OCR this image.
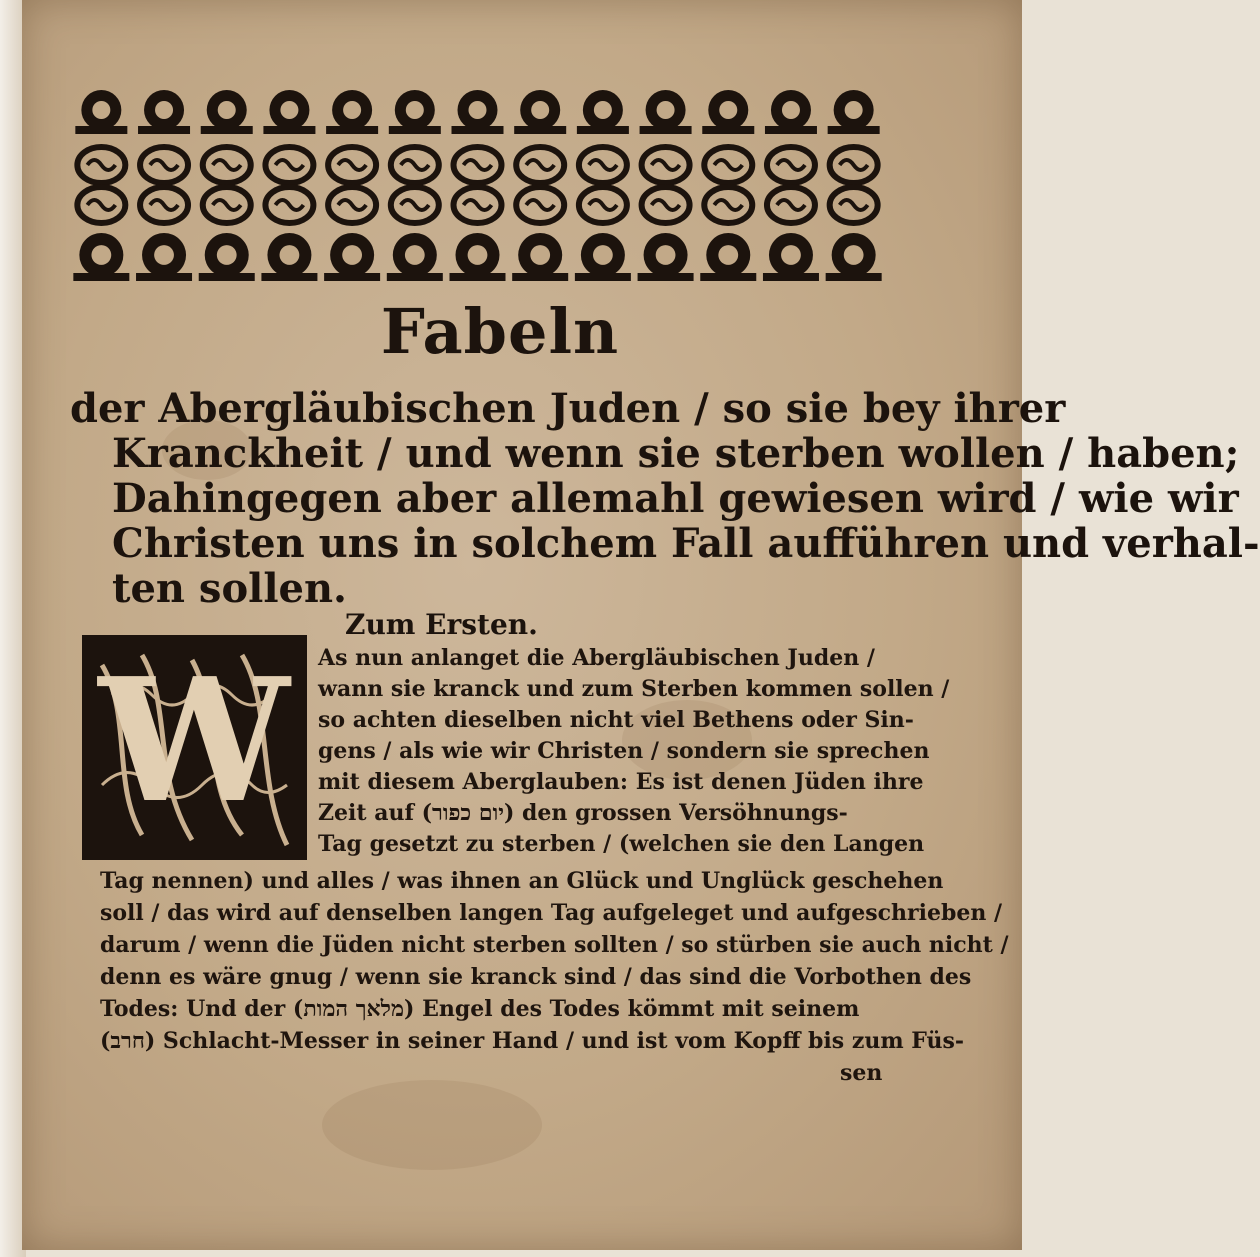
Fabeln
der Abergläubischen Juden / so sie bey ihrer
Kranckheit / und wenn sie sterben wollen / haben;
Dahingegen aber allemahl gewiesen wird / wie wir
Christen uns in solchem Fall aufführen und verhal-
ten sollen.
Zum Ersten.
W As nun anlanget die Abergläubischen Juden /
wann sie kranck und zum Sterben kommen sollen /
so achten dieselben nicht viel Bethens oder Sin-
gens / als wie wir Christen / sondern sie sprechen
mit diesem Aberglauben: Es ist denen Jüden ihre
Zeit auf (יום כפור) den grossen Versöhnungs-
Tag gesetzt zu sterben / (welchen sie den Langen
Tag nennen) und alles / was ihnen an Glück und Unglück geschehen
soll / das wird auf denselben langen Tag aufgeleget und aufgeschrieben /
darum / wenn die Jüden nicht sterben sollten / so stürben sie auch nicht /
denn es wäre gnug / wenn sie kranck sind / das sind die Vorbothen des
Todes: Und der (מלאך המות) Engel des Todes kömmt mit seinem
(חרב) Schlacht-Messer in seiner Hand / und ist vom Kopff bis zum Füs-
sen
